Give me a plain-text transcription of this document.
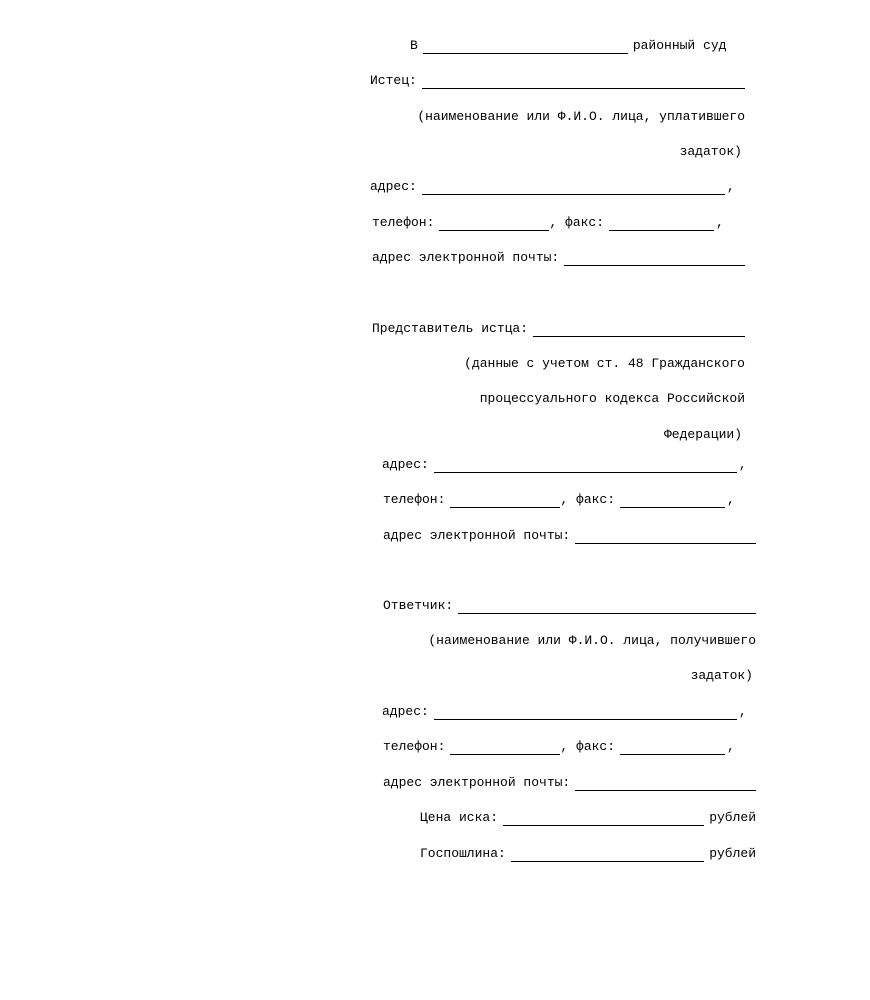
В	районный суд
Истец:
(наименование или Ф.И.О. лица, уплатившего
задаток)
адрес:	,
телефон:	, факс:	,
адрес электронной почты:
Представитель истца:
(данные с учетом ст. 48 Гражданского
процессуального кодекса Российской
Федерации)
адрес:	,
телефон:	, факс:	,
адрес электронной почты:
Ответчик:
(наименование или Ф.И.О. лица, получившего
задаток)
адрес:	,
телефон:	, факс:	,
адрес электронной почты:
Цена иска:	рублей
Госпошлина:	рублей
